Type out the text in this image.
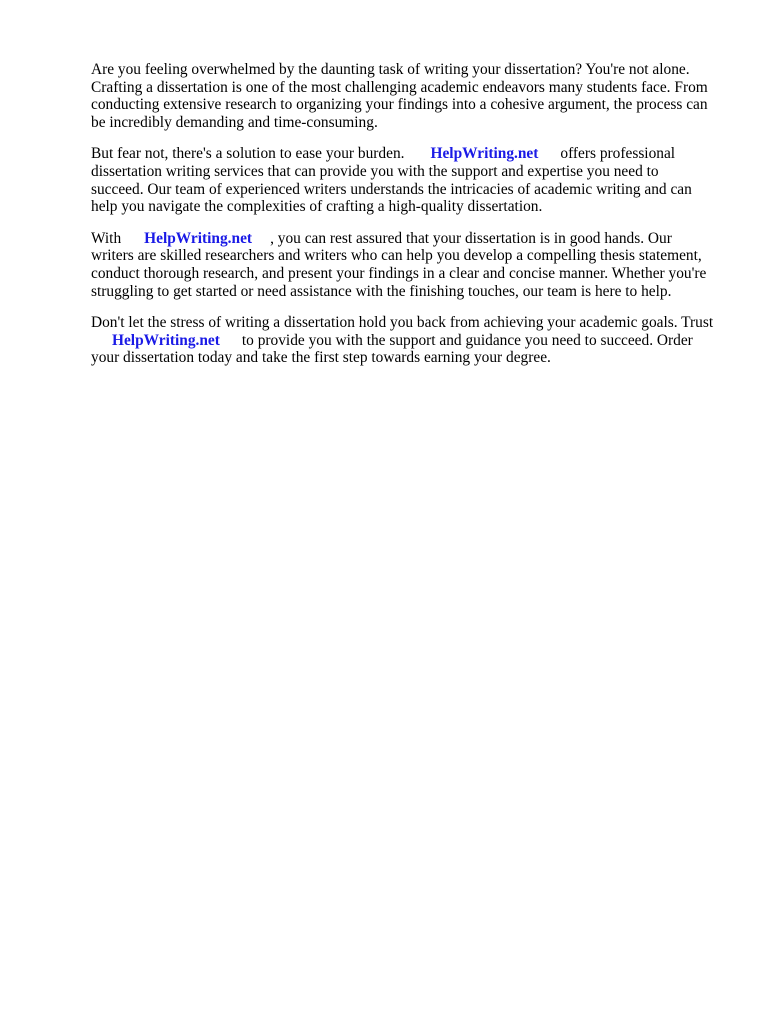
Are you feeling overwhelmed by the daunting task of writing your dissertation? You're not alone.
Crafting a dissertation is one of the most challenging academic endeavors many students face. From
conducting extensive research to organizing your findings into a cohesive argument, the process can
be incredibly demanding and time-consuming.

But fear not, there's a solution to ease your burden. HelpWriting.net offers professional
dissertation writing services that can provide you with the support and expertise you need to
succeed. Our team of experienced writers understands the intricacies of academic writing and can
help you navigate the complexities of crafting a high-quality dissertation.

With HelpWriting.net , you can rest assured that your dissertation is in good hands. Our
writers are skilled researchers and writers who can help you develop a compelling thesis statement,
conduct thorough research, and present your findings in a clear and concise manner. Whether you're
struggling to get started or need assistance with the finishing touches, our team is here to help.

Don't let the stress of writing a dissertation hold you back from achieving your academic goals. Trust
HelpWriting.net to provide you with the support and guidance you need to succeed. Order
your dissertation today and take the first step towards earning your degree.
